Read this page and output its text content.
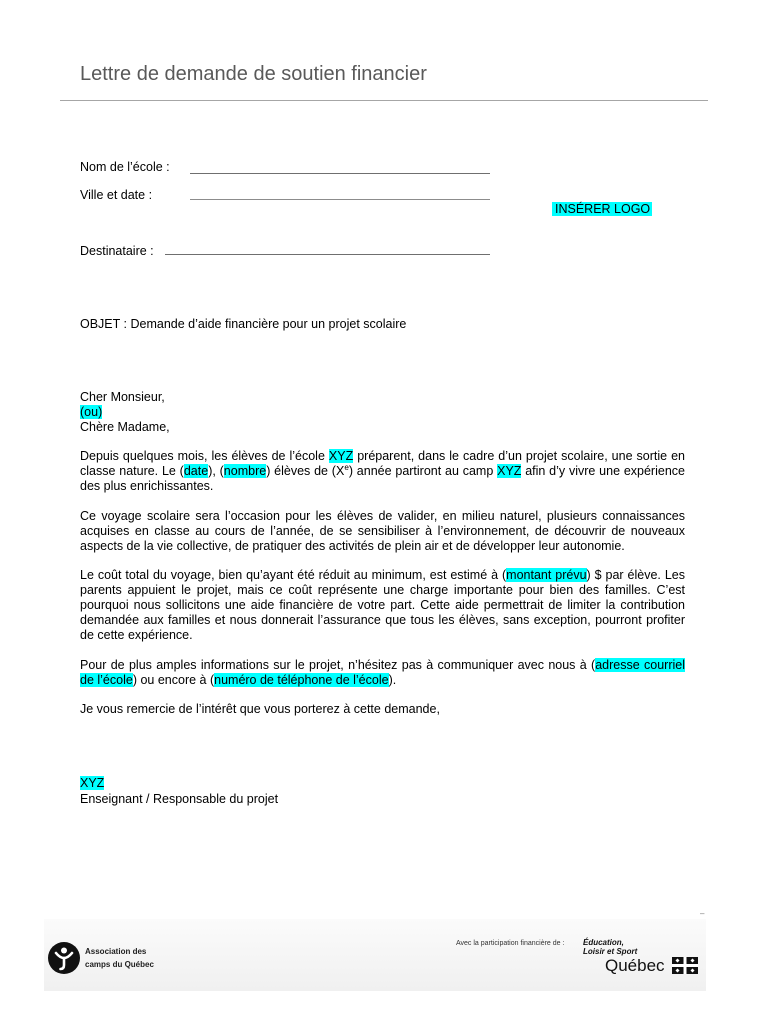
Lettre de demande de soutien financier
Nom de l’école :
Ville et date :
INSÉRER LOGO
Destinataire :
OBJET : Demande d’aide financière pour un projet scolaire
Cher Monsieur,
(ou)
Chère Madame,
Depuis quelques mois, les élèves de l’école XYZ préparent, dans le cadre d’un projet scolaire, une sortie en
classe nature. Le (date), (nombre) élèves de (Xe) année partiront au camp XYZ afin d’y vivre une expérience
des plus enrichissantes.
Ce voyage scolaire sera l’occasion pour les élèves de valider, en milieu naturel, plusieurs connaissances
acquises en classe au cours de l’année, de se sensibiliser à l’environnement, de découvrir de nouveaux
aspects de la vie collective, de pratiquer des activités de plein air et de développer leur autonomie.
Le coût total du voyage, bien qu’ayant été réduit au minimum, est estimé à (montant prévu) $ par élève. Les
parents appuient le projet, mais ce coût représente une charge importante pour bien des familles. C’est
pourquoi nous sollicitons une aide financière de votre part. Cette aide permettrait de limiter la contribution
demandée aux familles et nous donnerait l’assurance que tous les élèves, sans exception, pourront profiter
de cette expérience.
Pour de plus amples informations sur le projet, n’hésitez pas à communiquer avec nous à (adresse courriel
de l’école) ou encore à (numéro de téléphone de l’école).
Je vous remercie de l’intérêt que vous porterez à cette demande,
XYZ
Enseignant / Responsable du projet
–
Association des
camps du Québec
Avec la participation financière de : Éducation,
Loisir et Sport
Québec
